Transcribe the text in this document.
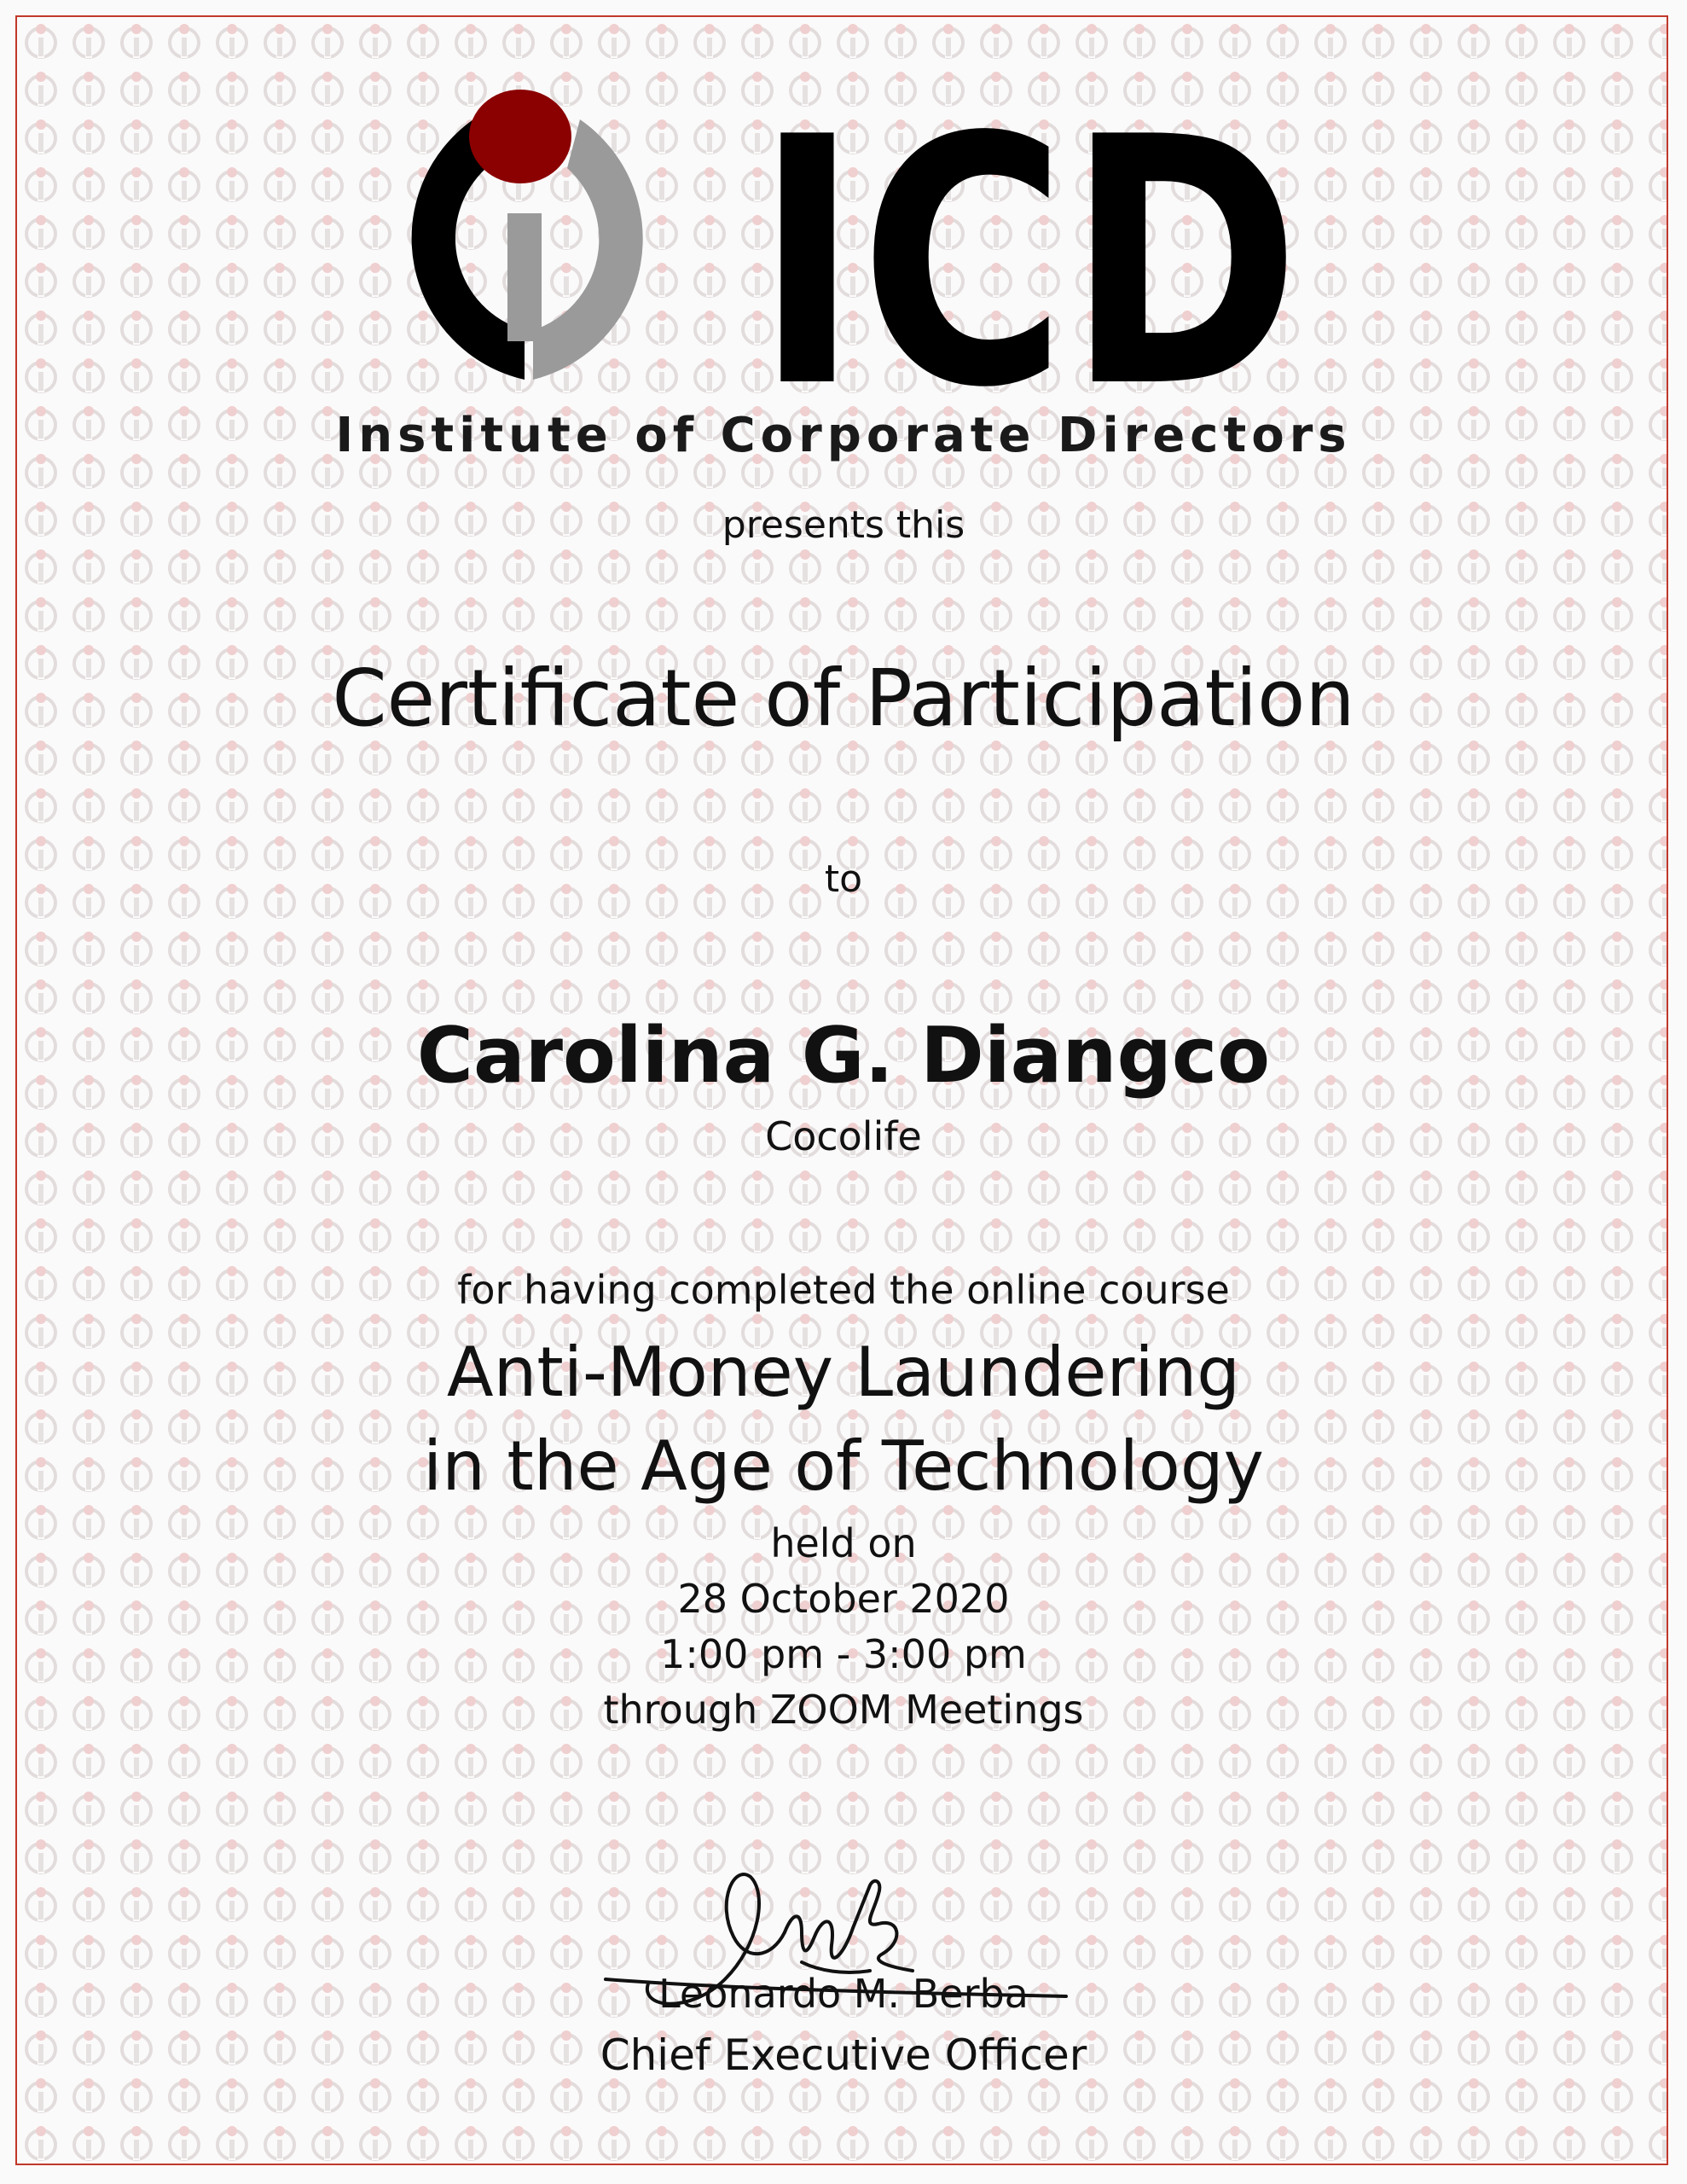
ICD
Institute of Corporate Directors
presents this
Certificate of Participation
to
Carolina G. Diangco
Cocolife
for having completed the online course
Anti-Money Laundering
in the Age of Technology
held on
28 October 2020
1:00 pm - 3:00 pm
through ZOOM Meetings
Leonardo M. Berba
Chief Executive Officer
